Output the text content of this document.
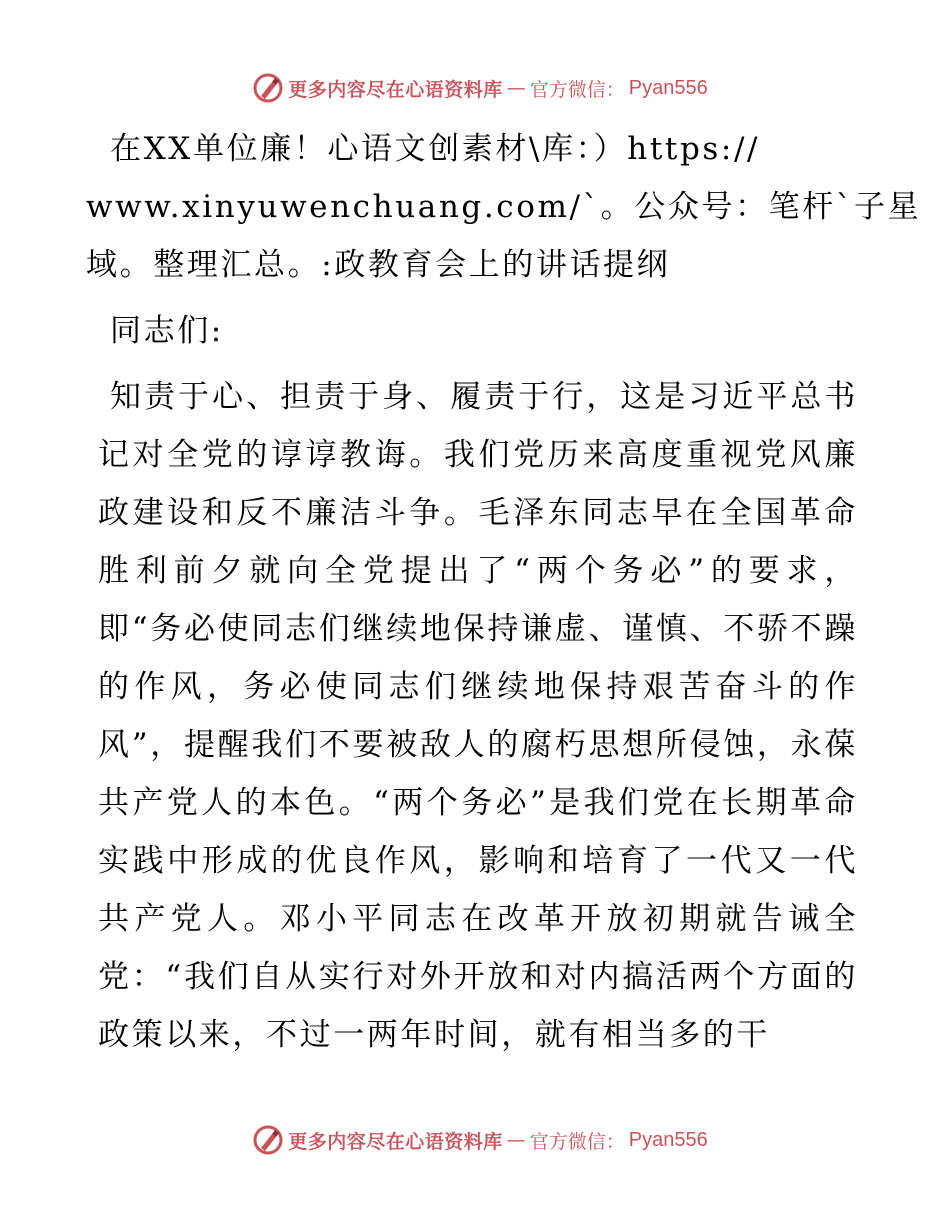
更多内容尽在心语资料库 — 官方微信： Pyan556

在XX单位廉！心语文创素材\库：）https://
www.xinyuwenchuang.com/`。公众号：笔杆`子星
域。整理汇总。:政教育会上的讲话提纲

同志们:

知责于心、担责于身、履责于行，这是习近平总书记对全党的谆谆教诲。我们党历来高度重视党风廉政建设和反不廉洁斗争。毛泽东同志早在全国革命胜利前夕就向全党提出了“两个务必”的要求，即“务必使同志们继续地保持谦虚、谨慎、不骄不躁的作风，务必使同志们继续地保持艰苦奋斗的作风”，提醒我们不要被敌人的腐朽思想所侵蚀，永葆共产党人的本色。“两个务必”是我们党在长期革命实践中形成的优良作风，影响和培育了一代又一代共产党人。邓小平同志在改革开放初期就告诫全党：“我们自从实行对外开放和对内搞活两个方面的政策以来，不过一两年时间，就有相当多的干

更多内容尽在心语资料库 — 官方微信： Pyan556
